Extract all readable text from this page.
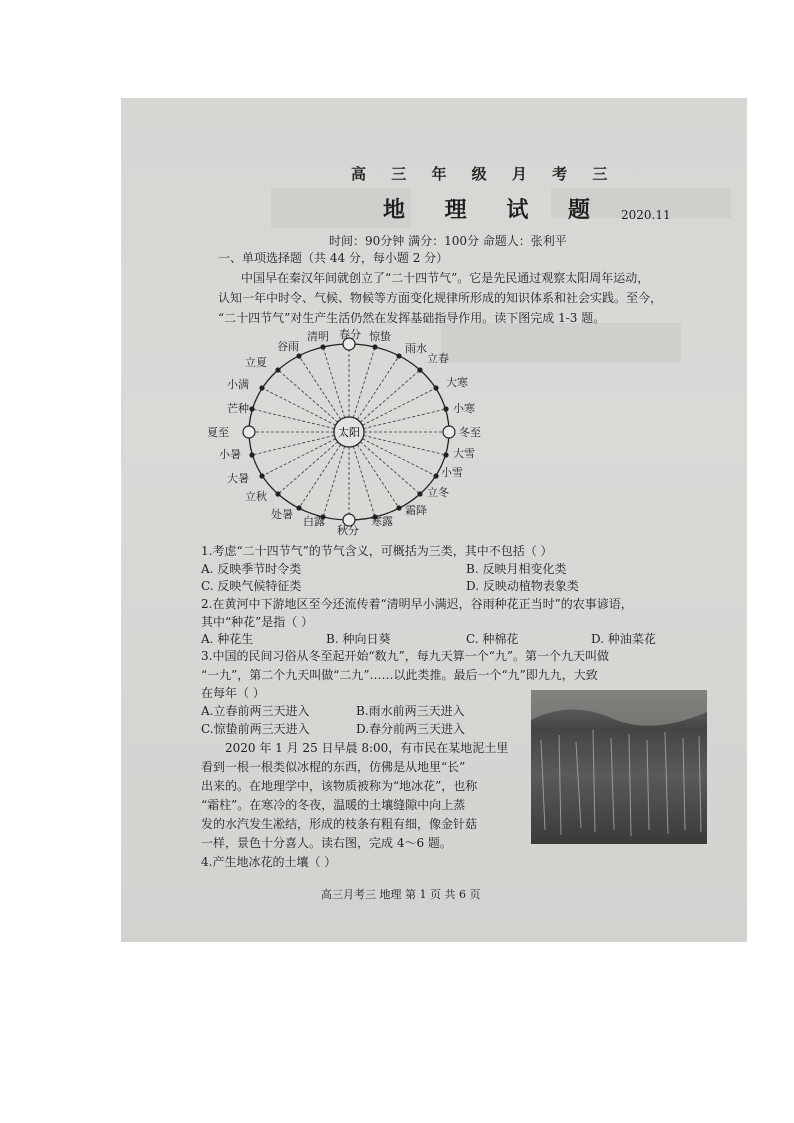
高 三 年 级 月 考 三
地 理 试 题 2020.11
时间：90分钟 满分：100分 命题人：张利平
一、单项选择题（共 44 分，每小题 2 分）
中国早在秦汉年间就创立了“二十四节气”。它是先民通过观察太阳周年运动，
认知一年中时令、气候、物候等方面变化规律所形成的知识体系和社会实践。至今，
“二十四节气”对生产生活仍然在发挥基础指导作用。读下图完成 1-3 题。
太阳
春分 惊蛰
雨水
立春
大寒
小寒
冬至
大雪
小雪
立冬
霜降
寒露
秋分
白露
处暑
立秋
大暑
小暑
夏至
芒种
小满
立夏
谷雨
清明
1.考虑“二十四节气”的节气含义，可概括为三类，其中不包括（ ）
A. 反映季节时令类	B. 反映月相变化类
C. 反映气候特征类	D. 反映动植物表象类
2.在黄河中下游地区至今还流传着“清明早小满迟，谷雨种花正当时”的农事谚语，
其中“种花”是指（ ）
A. 种花生	B. 种向日葵	C. 种棉花	D. 种油菜花
3.中国的民间习俗从冬至起开始“数九”，每九天算一个“九”。第一个九天叫做
“一九”，第二个九天叫做“二九”……以此类推。最后一个“九”即九九，大致
在每年（ ）
A.立春前两三天进入	B.雨水前两三天进入
C.惊蛰前两三天进入	D.春分前两三天进入
2020 年 1 月 25 日早晨 8:00，有市民在某地泥土里
看到一根一根类似冰棍的东西，仿佛是从地里“长”
出来的。在地理学中，该物质被称为“地冰花”，也称
“霜柱”。在寒冷的冬夜，温暖的土壤缝隙中向上蒸
发的水汽发生凇结，形成的枝条有粗有细，像金针菇
一样，景色十分喜人。读右图，完成 4～6 题。
4.产生地冰花的土壤（ ）
高三月考三 地理 第 1 页 共 6 页
